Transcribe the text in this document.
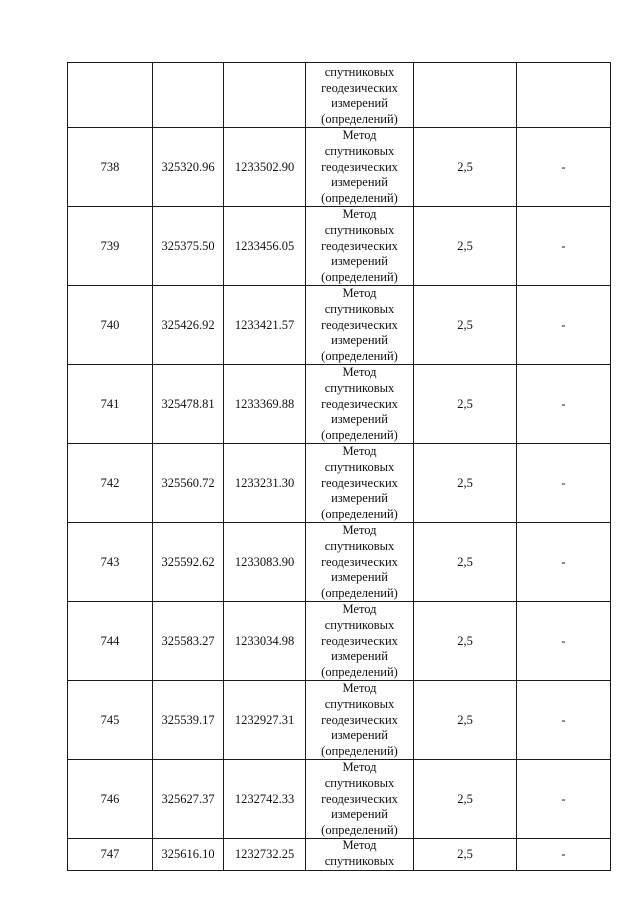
			спутниковых
геодезических
измерений
(определений)		

738	325320.96	1233502.90	Метод
спутниковых
геодезических
измерений
(определений)	2,5	-
739	325375.50	1233456.05	Метод
спутниковых
геодезических
измерений
(определений)	2,5	-
740	325426.92	1233421.57	Метод
спутниковых
геодезических
измерений
(определений)	2,5	-
741	325478.81	1233369.88	Метод
спутниковых
геодезических
измерений
(определений)	2,5	-
742	325560.72	1233231.30	Метод
спутниковых
геодезических
измерений
(определений)	2,5	-
743	325592.62	1233083.90	Метод
спутниковых
геодезических
измерений
(определений)	2,5	-
744	325583.27	1233034.98	Метод
спутниковых
геодезических
измерений
(определений)	2,5	-
745	325539.17	1232927.31	Метод
спутниковых
геодезических
измерений
(определений)	2,5	-
746	325627.37	1232742.33	Метод
спутниковых
геодезических
измерений
(определений)	2,5	-
747	325616.10	1232732.25	Метод
спутниковых	2,5	-
